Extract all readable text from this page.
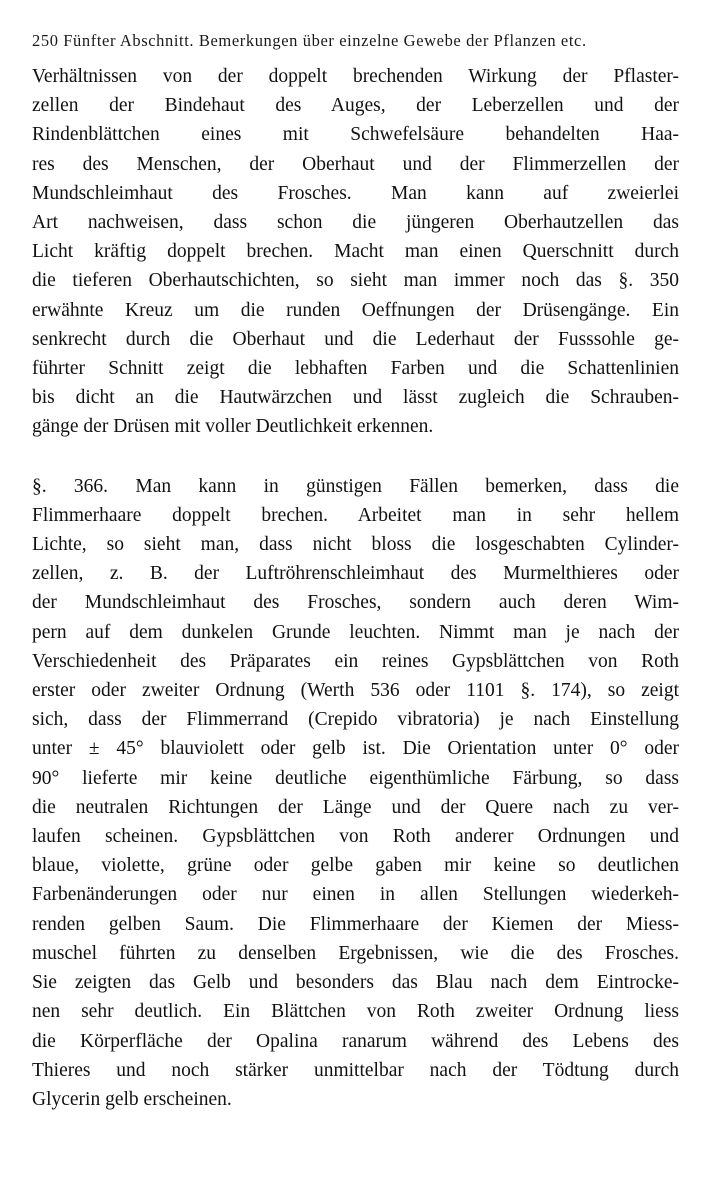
250 Fünfter Abschnitt. Bemerkungen über einzelne Gewebe der Pflanzen etc.
Verhältnissen von der doppelt brechenden Wirkung der Pflaster-
zellen der Bindehaut des Auges, der Leberzellen und der
Rindenblättchen eines mit Schwefelsäure behandelten Haa-
res des Menschen, der Oberhaut und der Flimmerzellen der
Mundschleimhaut des Frosches. Man kann auf zweierlei
Art nachweisen, dass schon die jüngeren Oberhautzellen das
Licht kräftig doppelt brechen. Macht man einen Querschnitt durch
die tieferen Oberhautschichten, so sieht man immer noch das §. 350
erwähnte Kreuz um die runden Oeffnungen der Drüsengänge. Ein
senkrecht durch die Oberhaut und die Lederhaut der Fusssohle ge-
führter Schnitt zeigt die lebhaften Farben und die Schattenlinien
bis dicht an die Hautwärzchen und lässt zugleich die Schrauben-
gänge der Drüsen mit voller Deutlichkeit erkennen.
§. 366. Man kann in günstigen Fällen bemerken, dass die
Flimmerhaare doppelt brechen. Arbeitet man in sehr hellem
Lichte, so sieht man, dass nicht bloss die losgeschabten Cylinder-
zellen, z. B. der Luftröhrenschleimhaut des Murmelthieres oder
der Mundschleimhaut des Frosches, sondern auch deren Wim-
pern auf dem dunkelen Grunde leuchten. Nimmt man je nach der
Verschiedenheit des Präparates ein reines Gypsblättchen von Roth
erster oder zweiter Ordnung (Werth 536 oder 1101 §. 174), so zeigt
sich, dass der Flimmerrand (Crepido vibratoria) je nach Einstellung
unter ± 45° blauviolett oder gelb ist. Die Orientation unter 0° oder
90° lieferte mir keine deutliche eigenthümliche Färbung, so dass
die neutralen Richtungen der Länge und der Quere nach zu ver-
laufen scheinen. Gypsblättchen von Roth anderer Ordnungen und
blaue, violette, grüne oder gelbe gaben mir keine so deutlichen
Farbenänderungen oder nur einen in allen Stellungen wiederkeh-
renden gelben Saum. Die Flimmerhaare der Kiemen der Miess-
muschel führten zu denselben Ergebnissen, wie die des Frosches.
Sie zeigten das Gelb und besonders das Blau nach dem Eintrocke-
nen sehr deutlich. Ein Blättchen von Roth zweiter Ordnung liess
die Körperfläche der Opalina ranarum während des Lebens des
Thieres und noch stärker unmittelbar nach der Tödtung durch
Glycerin gelb erscheinen.
